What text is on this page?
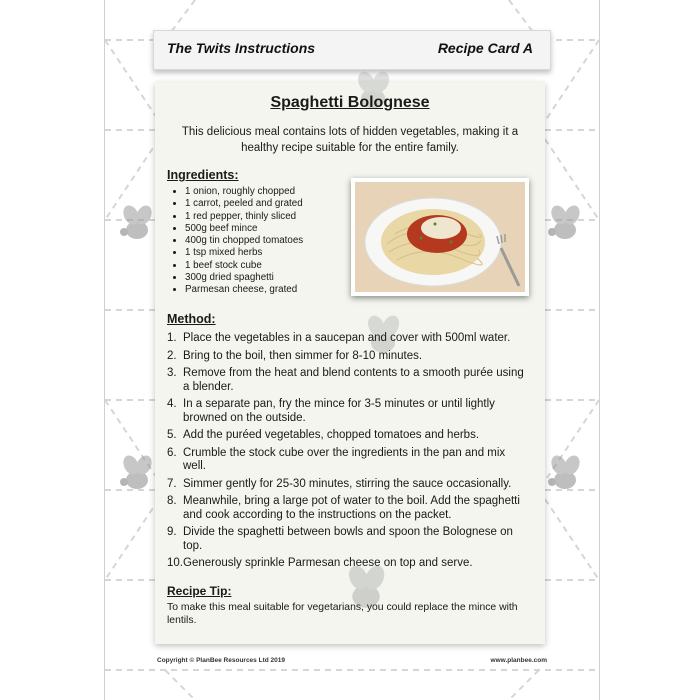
The Twits Instructions	Recipe Card A
Spaghetti Bolognese
This delicious meal contains lots of hidden vegetables, making it a healthy recipe suitable for the entire family.
Ingredients:
• 1 onion, roughly chopped
• 1 carrot, peeled and grated
• 1 red pepper, thinly sliced
• 500g beef mince
• 400g tin chopped tomatoes
• 1 tsp mixed herbs
• 1 beef stock cube
• 300g dried spaghetti
• Parmesan cheese, grated
Method:
1. Place the vegetables in a saucepan and cover with 500ml water.
2. Bring to the boil, then simmer for 8-10 minutes.
3. Remove from the heat and blend contents to a smooth purée using a blender.
4. In a separate pan, fry the mince for 3-5 minutes or until lightly browned on the outside.
5. Add the puréed vegetables, chopped tomatoes and herbs.
6. Crumble the stock cube over the ingredients in the pan and mix well.
7. Simmer gently for 25-30 minutes, stirring the sauce occasionally.
8. Meanwhile, bring a large pot of water to the boil. Add the spaghetti and cook according to the instructions on the packet.
9. Divide the spaghetti between bowls and spoon the Bolognese on top.
10. Generously sprinkle Parmesan cheese on top and serve.
Recipe Tip:
To make this meal suitable for vegetarians, you could replace the mince with lentils.
Copyright © PlanBee Resources Ltd 2019	www.planbee.com
